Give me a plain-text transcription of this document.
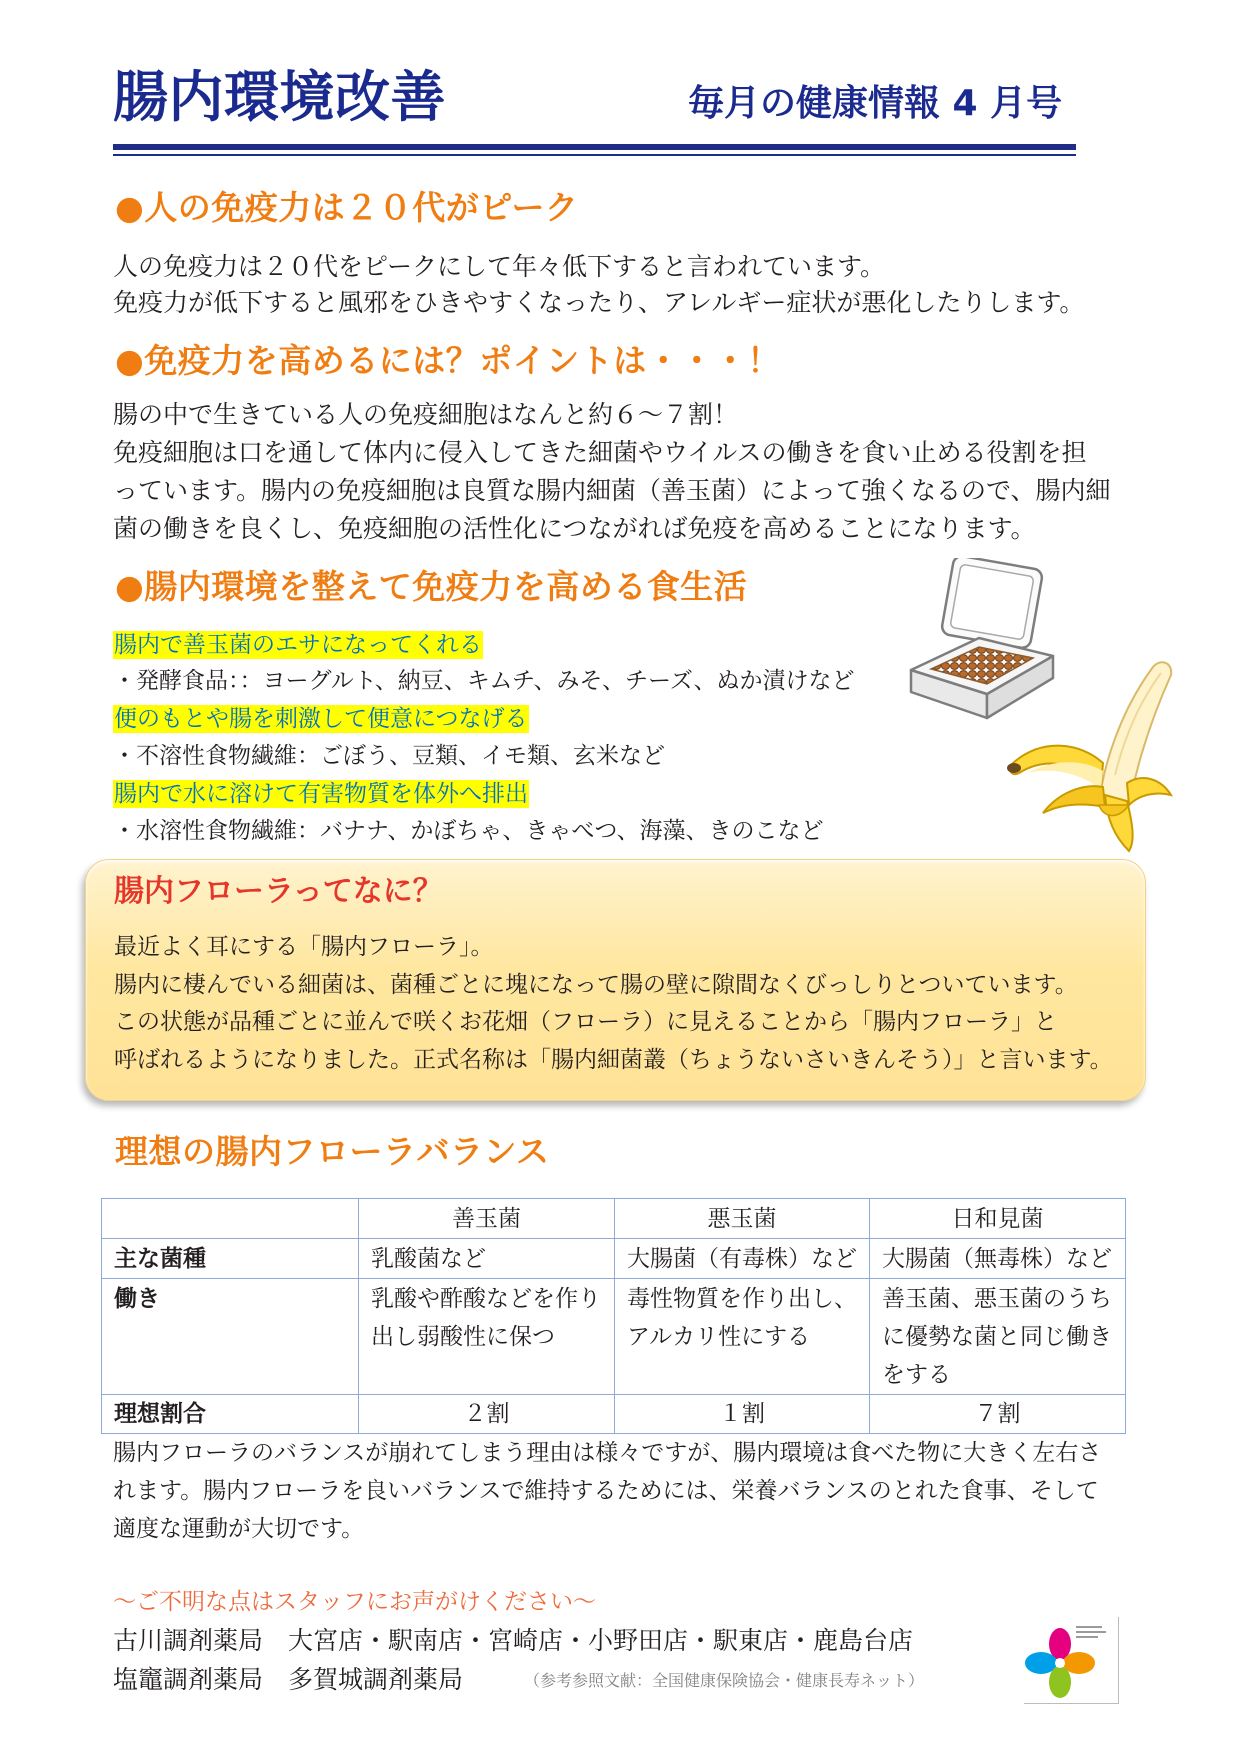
腸内環境改善	毎月の健康情報 4 月号
●人の免疫力は２０代がピーク
人の免疫力は２０代をピークにして年々低下すると言われています。
免疫力が低下すると風邪をひきやすくなったり、アレルギー症状が悪化したりします。
●免疫力を高めるには？ポイントは・・・！
腸の中で生きている人の免疫細胞はなんと約６～７割！
免疫細胞は口を通して体内に侵入してきた細菌やウイルスの働きを食い止める役割を担
っています。腸内の免疫細胞は良質な腸内細菌（善玉菌）によって強くなるので、腸内細
菌の働きを良くし、免疫細胞の活性化につながれば免疫を高めることになります。
●腸内環境を整えて免疫力を高める食生活
腸内で善玉菌のエサになってくれる
・発酵食品：：ヨーグルト、納豆、キムチ、みそ、チーズ、ぬか漬けなど
便のもとや腸を刺激して便意につなげる
・不溶性食物繊維：ごぼう、豆類、イモ類、玄米など
腸内で水に溶けて有害物質を体外へ排出
・水溶性食物繊維：バナナ、かぼちゃ、きゃべつ、海藻、きのこなど
腸内フローラってなに？
最近よく耳にする「腸内フローラ」。
腸内に棲んでいる細菌は、菌種ごとに塊になって腸の壁に隙間なくびっしりとついています。
この状態が品種ごとに並んで咲くお花畑（フローラ）に見えることから「腸内フローラ」と
呼ばれるようになりました。正式名称は「腸内細菌叢（ちょうないさいきんそう）」と言います。
理想の腸内フローラバランス
	善玉菌	悪玉菌	日和見菌
主な菌種	乳酸菌など	大腸菌（有毒株）など	大腸菌（無毒株）など

働き	乳酸や酢酸などを作り出し弱酸性に保つ	毒性物質を作り出し、アルカリ性にする	善玉菌、悪玉菌のうちに優勢な菌と同じ働きをする

理想割合	２割	１割	７割
腸内フローラのバランスが崩れてしまう理由は様々ですが、腸内環境は食べた物に大きく左右さ
れます。腸内フローラを良いバランスで維持するためには、栄養バランスのとれた食事、そして
適度な運動が大切です。
～ご不明な点はスタッフにお声がけください～
古川調剤薬局　大宮店・駅南店・宮崎店・小野田店・駅東店・鹿島台店
塩竈調剤薬局　多賀城調剤薬局	（参考参照文献：全国健康保険協会・健康長寿ネット）
